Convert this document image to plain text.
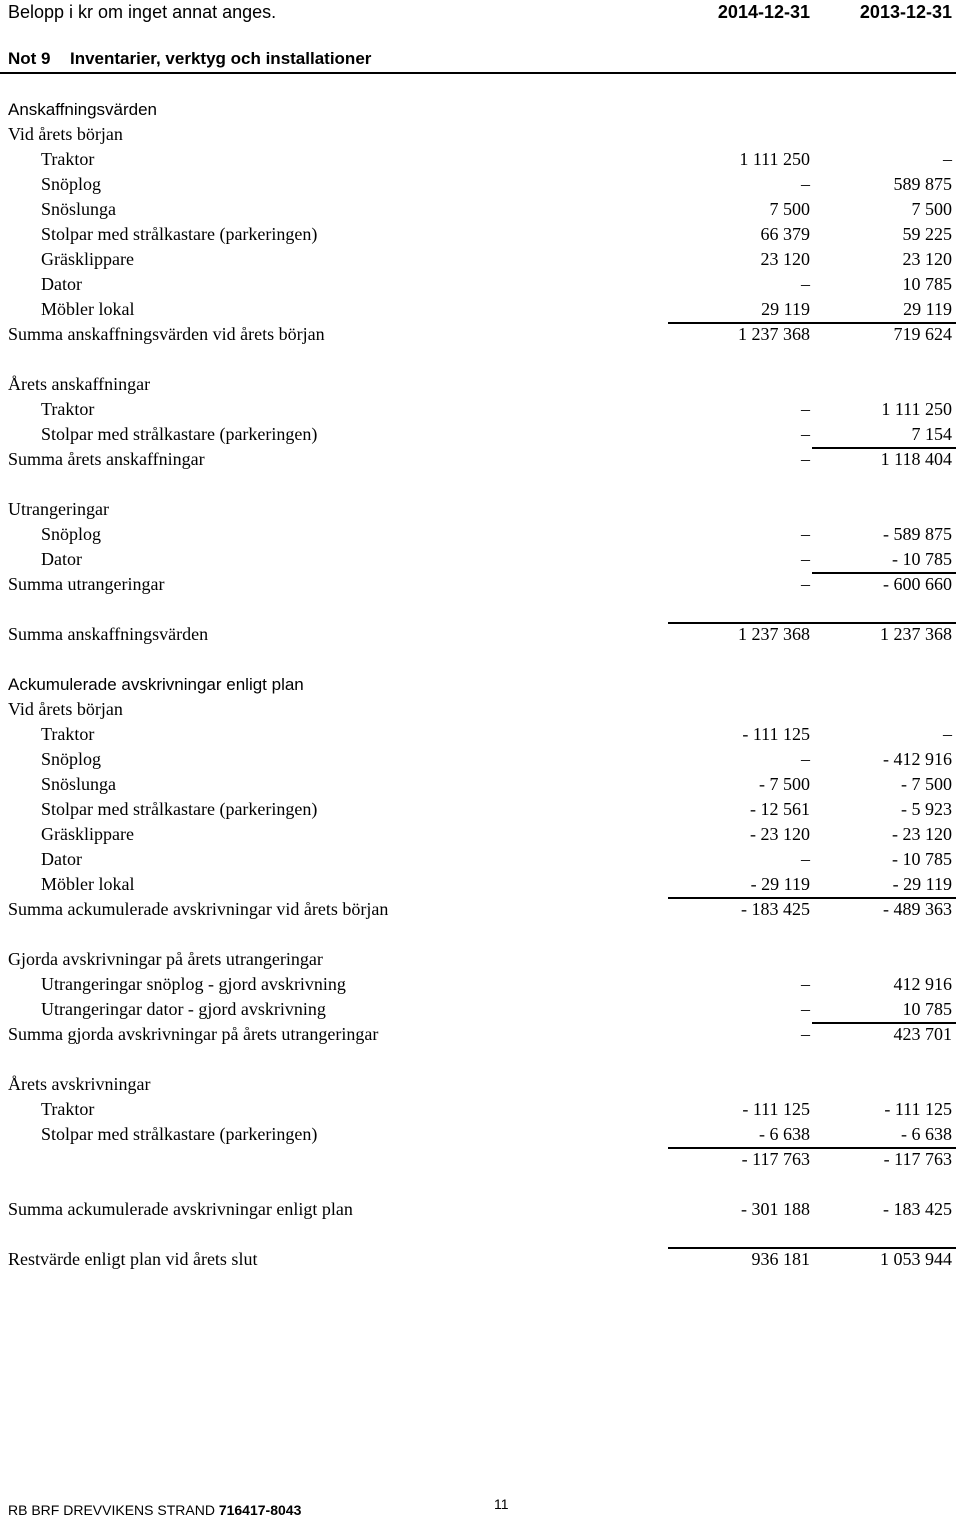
Belopp i kr om inget annat anges.	2014-12-31	2013-12-31
Not 9 Inventarier, verktyg och installationer
Anskaffningsvärden
Vid årets början
Traktor	1 111 250	–
Snöplog	–	589 875
Snöslunga	7 500	7 500
Stolpar med strålkastare (parkeringen)	66 379	59 225
Gräsklippare	23 120	23 120
Dator	–	10 785
Möbler lokal	29 119	29 119
Summa anskaffningsvärden vid årets början	1 237 368	719 624
Årets anskaffningar
Traktor	–	1 111 250
Stolpar med strålkastare (parkeringen)	–	7 154
Summa årets anskaffningar	–	1 118 404
Utrangeringar
Snöplog	–	- 589 875
Dator	–	- 10 785
Summa utrangeringar	–	- 600 660
Summa anskaffningsvärden	1 237 368	1 237 368
Ackumulerade avskrivningar enligt plan
Vid årets början
Traktor	- 111 125	–
Snöplog	–	- 412 916
Snöslunga	- 7 500	- 7 500
Stolpar med strålkastare (parkeringen)	- 12 561	- 5 923
Gräsklippare	- 23 120	- 23 120
Dator	–	- 10 785
Möbler lokal	- 29 119	- 29 119
Summa ackumulerade avskrivningar vid årets början	- 183 425	- 489 363
Gjorda avskrivningar på årets utrangeringar
Utrangeringar snöplog - gjord avskrivning	–	412 916
Utrangeringar dator - gjord avskrivning	–	10 785
Summa gjorda avskrivningar på årets utrangeringar	–	423 701
Årets avskrivningar
Traktor	- 111 125	- 111 125
Stolpar med strålkastare (parkeringen)	- 6 638	- 6 638
- 117 763	- 117 763
Summa ackumulerade avskrivningar enligt plan	- 301 188	- 183 425
Restvärde enligt plan vid årets slut	936 181	1 053 944
RB BRF DREVVIKENS STRAND 716417-8043	11
